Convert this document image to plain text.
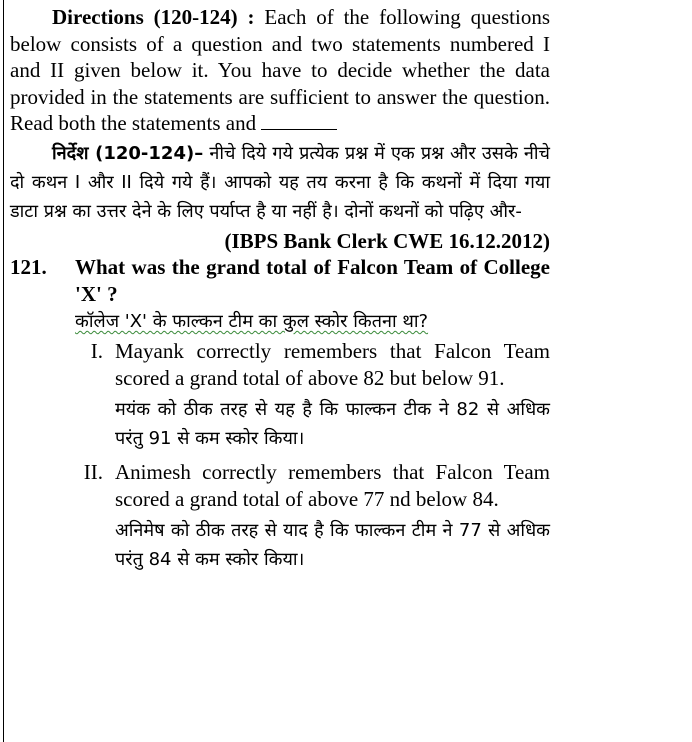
Directions (120-124) : Each of the following questions below consists of a question and two statements numbered I and II given below it. You have to decide whether the data provided in the statements are sufficient to answer the question. Read both the statements and

निर्देश (120-124)– नीचे दिये गये प्रत्येक प्रश्न में एक प्रश्न और उसके नीचे दो कथन I और II दिये गये हैं। आपको यह तय करना है कि कथनों में दिया गया डाटा प्रश्न का उत्तर देने के लिए पर्याप्त है या नहीं है। दोनों कथनों को पढ़िए और-

(IBPS Bank Clerk CWE 16.12.2012)

121.	What was the grand total of Falcon Team of College 'X' ?

कॉलेज 'X' के फाल्कन टीम का कुल स्कोर कितना था?

I. Mayank correctly remembers that Falcon Team scored a grand total of above 82 but below 91.

मयंक को ठीक तरह से यह है कि फाल्कन टीक ने 82 से अधिक परंतु 91 से कम स्कोर किया।

II. Animesh correctly remembers that Falcon Team scored a grand total of above 77 nd below 84.

अनिमेष को ठीक तरह से याद है कि फाल्कन टीम ने 77 से अधिक परंतु 84 से कम स्कोर किया।
